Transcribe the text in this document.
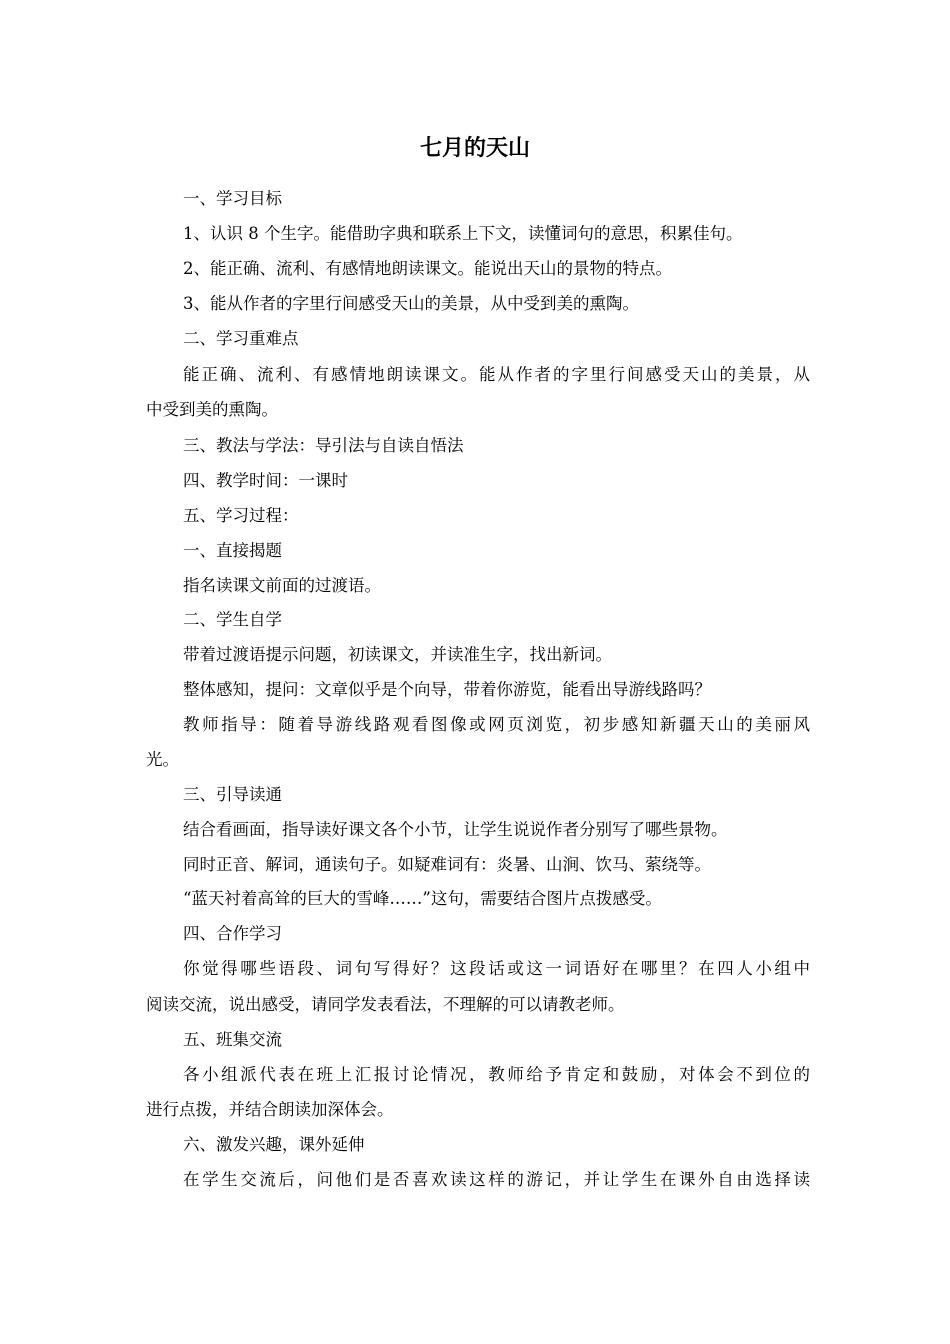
七月的天山

一、学习目标

1、认识 8 个生字。能借助字典和联系上下文，读懂词句的意思，积累佳句。

2、能正确、流利、有感情地朗读课文。能说出天山的景物的特点。

3、能从作者的字里行间感受天山的美景，从中受到美的熏陶。

二、学习重难点

能正确、流利、有感情地朗读课文。能从作者的字里行间感受天山的美景，从

中受到美的熏陶。

三、教法与学法：导引法与自读自悟法

四、教学时间：一课时

五、学习过程：

一、直接揭题

指名读课文前面的过渡语。

二、学生自学

带着过渡语提示问题，初读课文，并读准生字，找出新词。

整体感知，提问：文章似乎是个向导，带着你游览，能看出导游线路吗？

教师指导：随着导游线路观看图像或网页浏览，初步感知新疆天山的美丽风

光。

三、引导读通

结合看画面，指导读好课文各个小节，让学生说说作者分别写了哪些景物。

同时正音、解词，通读句子。如疑难词有：炎暑、山涧、饮马、萦绕等。

“蓝天衬着高耸的巨大的雪峰……”这句，需要结合图片点拨感受。

四、合作学习

你觉得哪些语段、词句写得好？这段话或这一词语好在哪里？在四人小组中

阅读交流，说出感受，请同学发表看法，不理解的可以请教老师。

五、班集交流

各小组派代表在班上汇报讨论情况，教师给予肯定和鼓励，对体会不到位的

进行点拨，并结合朗读加深体会。

六、激发兴趣，课外延伸

在学生交流后，问他们是否喜欢读这样的游记，并让学生在课外自由选择读
